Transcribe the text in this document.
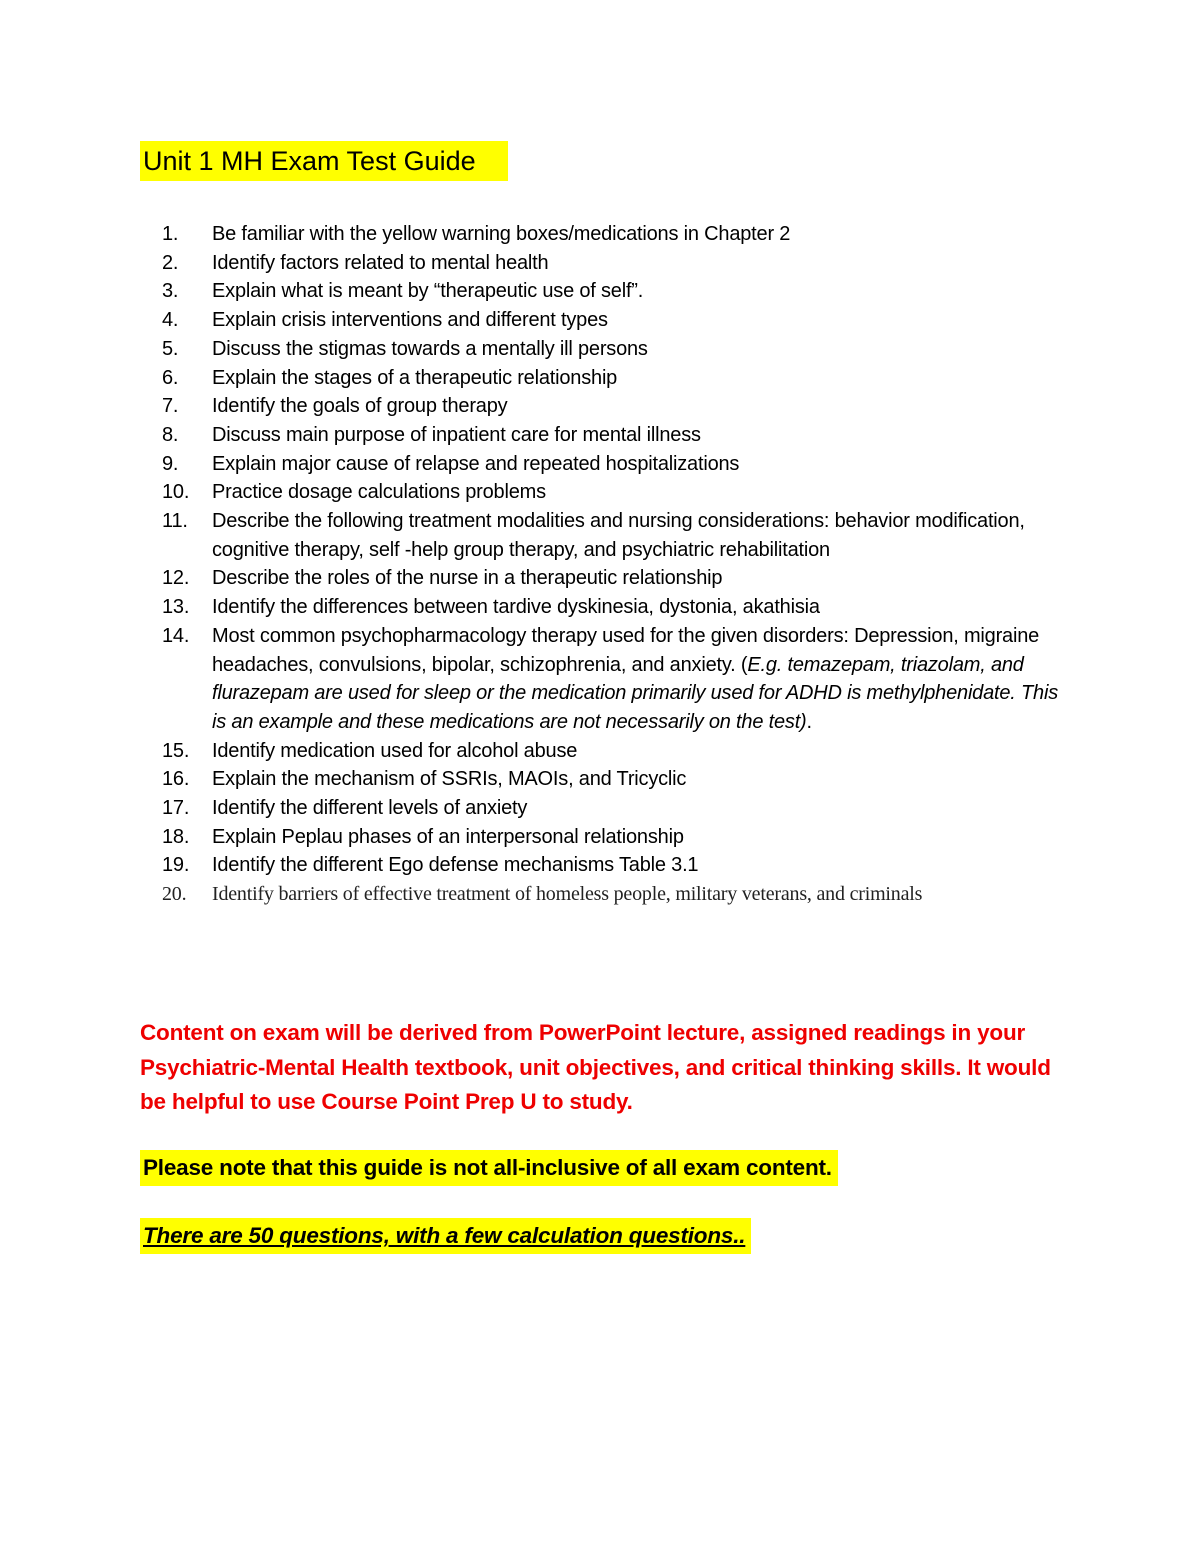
Unit 1 MH Exam Test Guide
1.	Be familiar with the yellow warning boxes/medications in Chapter 2
2.	Identify factors related to mental health
3.	Explain what is meant by “therapeutic use of self”.
4.	Explain crisis interventions and different types
5.	Discuss the stigmas towards a mentally ill persons
6.	Explain the stages of a therapeutic relationship
7.	Identify the goals of group therapy
8.	Discuss main purpose of inpatient care for mental illness
9.	Explain major cause of relapse and repeated hospitalizations
10.	Practice dosage calculations problems
11.	Describe the following treatment modalities and nursing considerations: behavior modification, cognitive therapy, self -help group therapy, and psychiatric rehabilitation
12.	Describe the roles of the nurse in a therapeutic relationship
13.	Identify the differences between tardive dyskinesia, dystonia, akathisia
14.	Most common psychopharmacology therapy used for the given disorders: Depression, migraine headaches, convulsions, bipolar, schizophrenia, and anxiety. (E.g. temazepam, triazolam, and flurazepam are used for sleep or the medication primarily used for ADHD is methylphenidate. This is an example and these medications are not necessarily on the test).
15.	Identify medication used for alcohol abuse
16.	Explain the mechanism of SSRIs, MAOIs, and Tricyclic
17.	Identify the different levels of anxiety
18.	Explain Peplau phases of an interpersonal relationship
19.	Identify the different Ego defense mechanisms Table 3.1
20.	Identify barriers of effective treatment of homeless people, military veterans, and criminals

Content on exam will be derived from PowerPoint lecture, assigned readings in your Psychiatric-Mental Health textbook, unit objectives, and critical thinking skills. It would be helpful to use Course Point Prep U to study.

Please note that this guide is not all-inclusive of all exam content.
There are 50 questions, with a few calculation questions..
